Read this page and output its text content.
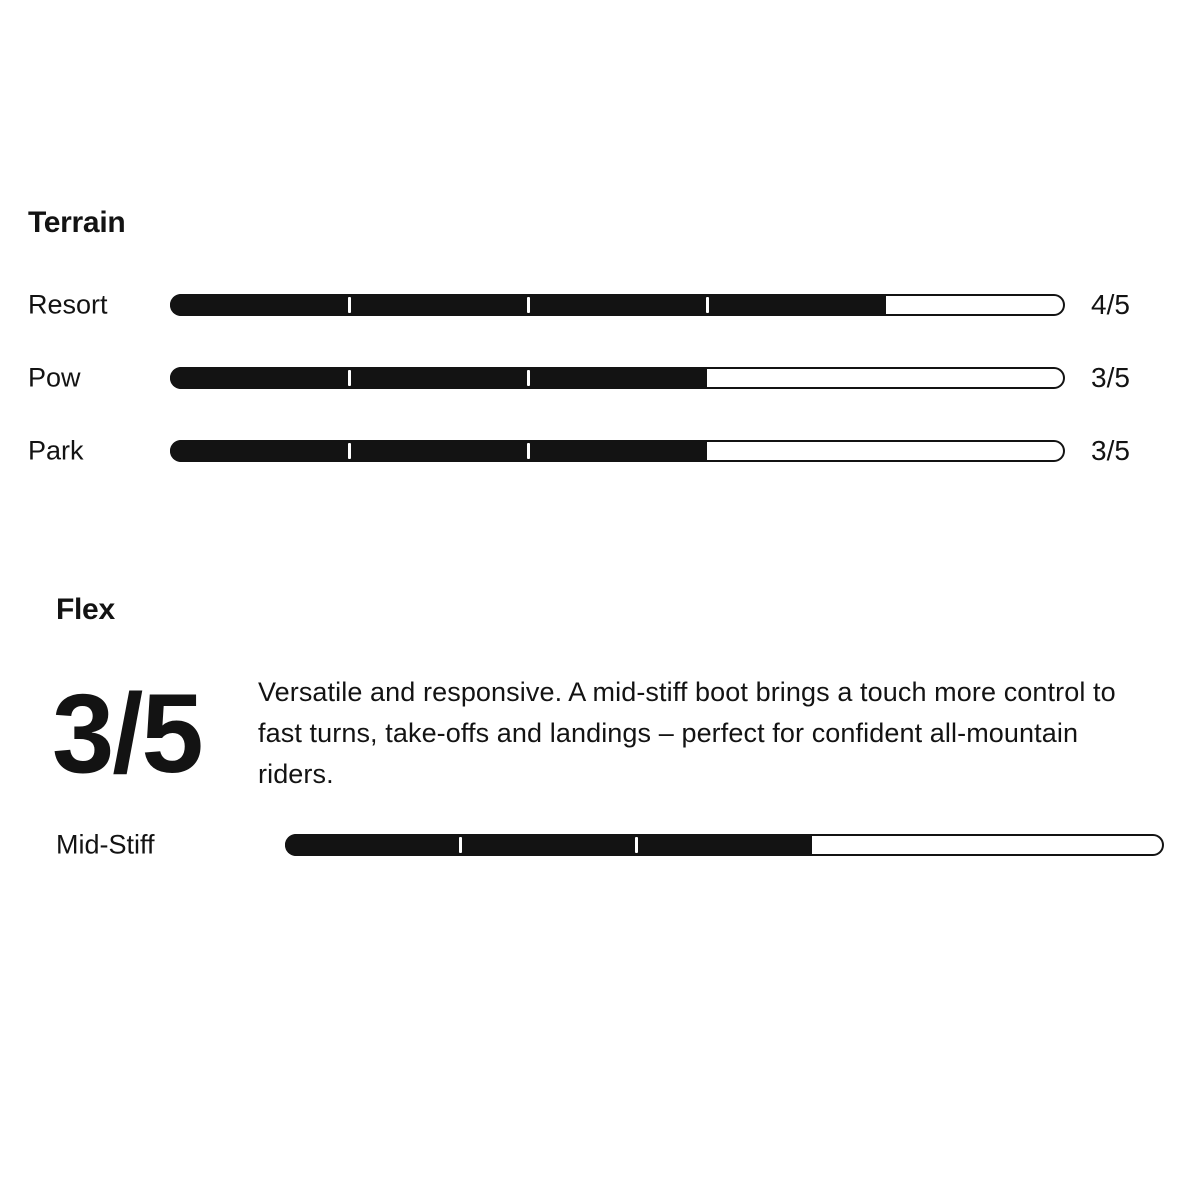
Terrain
Resort	4/5
Pow	3/5
Park	3/5
Flex
3/5 Versatile and responsive. A mid-stiff boot brings a touch more control to fast turns, take-offs and landings – perfect for confident all-mountain riders.
Mid-Stiff
